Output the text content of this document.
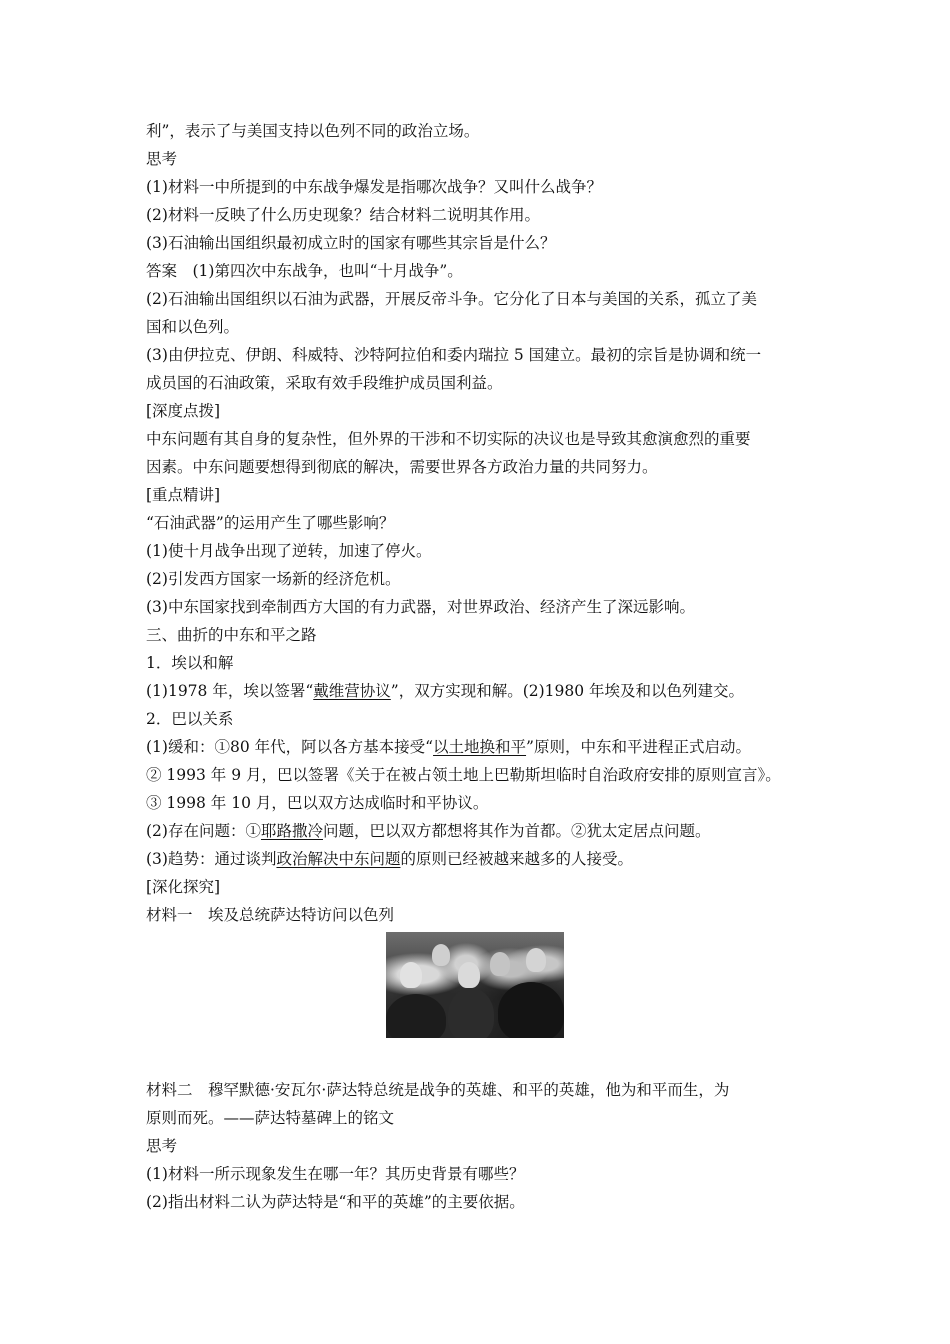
利”，表示了与美国支持以色列不同的政治立场。
思考
(1)材料一中所提到的中东战争爆发是指哪次战争？又叫什么战争？
(2)材料一反映了什么历史现象？结合材料二说明其作用。
(3)石油输出国组织最初成立时的国家有哪些其宗旨是什么？
答案　(1)第四次中东战争，也叫“十月战争”。
(2)石油输出国组织以石油为武器，开展反帝斗争。它分化了日本与美国的关系，孤立了美
国和以色列。
(3)由伊拉克、伊朗、科威特、沙特阿拉伯和委内瑞拉 5 国建立。最初的宗旨是协调和统一
成员国的石油政策，采取有效手段维护成员国利益。
[深度点拨]
中东问题有其自身的复杂性，但外界的干涉和不切实际的决议也是导致其愈演愈烈的重要
因素。中东问题要想得到彻底的解决，需要世界各方政治力量的共同努力。
[重点精讲]
“石油武器”的运用产生了哪些影响？
(1)使十月战争出现了逆转，加速了停火。
(2)引发西方国家一场新的经济危机。
(3)中东国家找到牵制西方大国的有力武器，对世界政治、经济产生了深远影响。
三、曲折的中东和平之路
1．埃以和解
(1)1978 年，埃以签署“戴维营协议”，双方实现和解。(2)1980 年埃及和以色列建交。
2．巴以关系
(1)缓和：①80 年代，阿以各方基本接受“以土地换和平”原则，中东和平进程正式启动。
② 1993 年 9 月，巴以签署《关于在被占领土地上巴勒斯坦临时自治政府安排的原则宣言》。
③ 1998 年 10 月，巴以双方达成临时和平协议。
(2)存在问题：①耶路撒冷问题，巴以双方都想将其作为首都。②犹太定居点问题。
(3)趋势：通过谈判政治解决中东问题的原则已经被越来越多的人接受。
[深化探究]
材料一　埃及总统萨达特访问以色列
材料二　穆罕默德·安瓦尔·萨达特总统是战争的英雄、和平的英雄，他为和平而生，为
原则而死。——萨达特墓碑上的铭文
思考
(1)材料一所示现象发生在哪一年？其历史背景有哪些？
(2)指出材料二认为萨达特是“和平的英雄”的主要依据。
